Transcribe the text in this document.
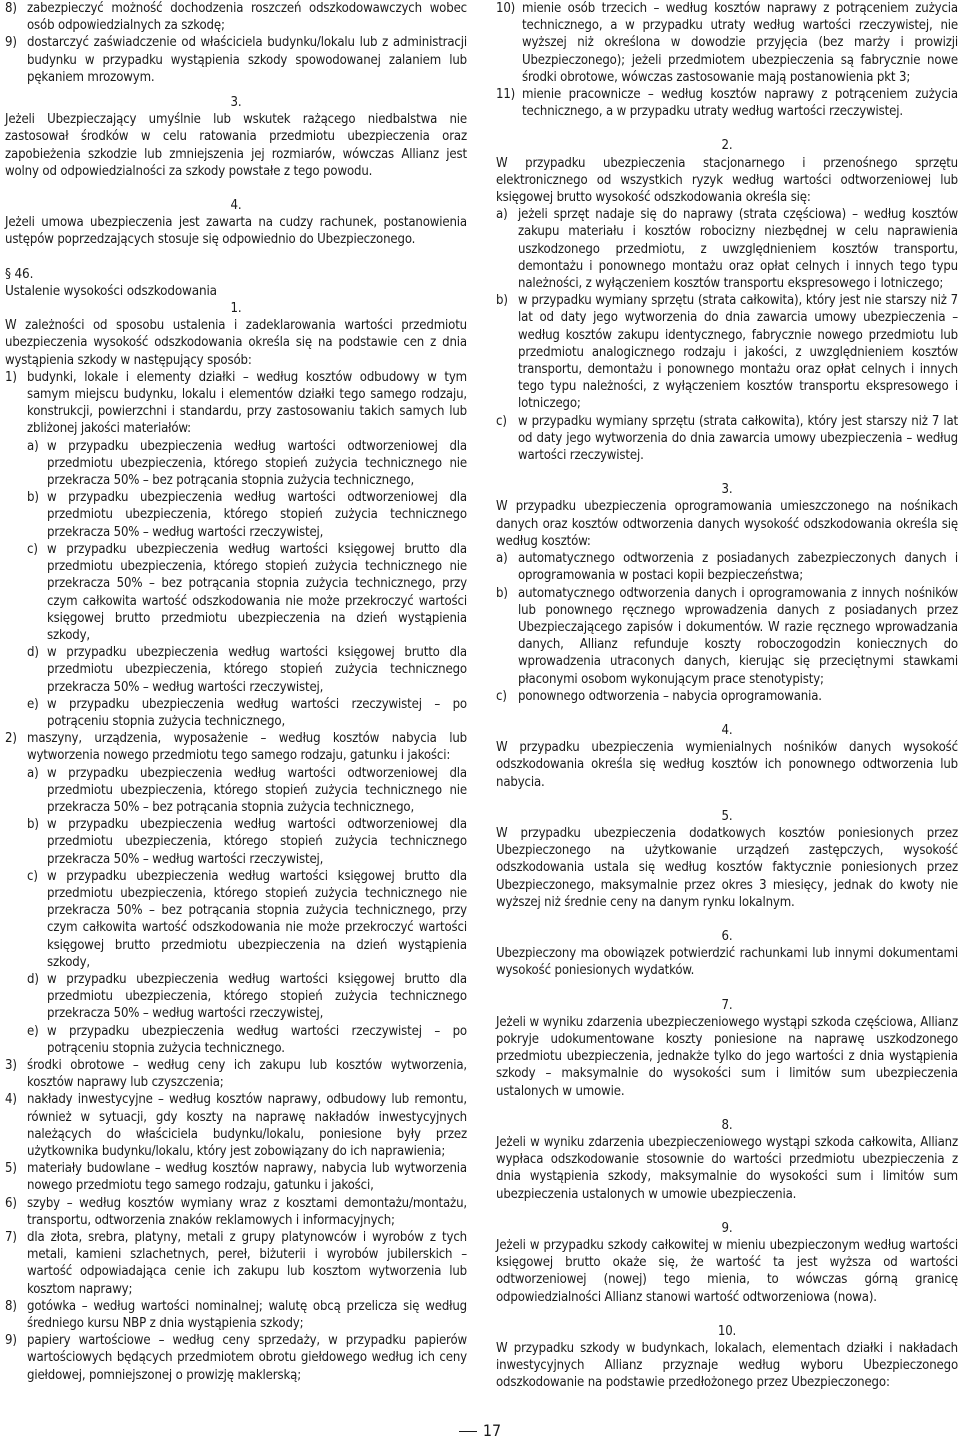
8) zabezpieczyć możność dochodzenia roszczeń odszkodowawczych wobec osób odpowiedzialnych za szkodę;
9) dostarczyć zaświadczenie od właściciela budynku/lokalu lub z administracji budynku w przypadku wystąpienia szkody spowodowanej zalaniem lub pękaniem mrozowym.

3.

Jeżeli Ubezpieczający umyślnie lub wskutek rażącego niedbalstwa nie zastosował środków w celu ratowania przedmiotu ubezpieczenia oraz zapobieżenia szkodzie lub zmniejszenia jej rozmiarów, wówczas Allianz jest wolny od odpowiedzialności za szkody powstałe z tego powodu.

4.

Jeżeli umowa ubezpieczenia jest zawarta na cudzy rachunek, postanowienia ustępów poprzedzających stosuje się odpowiednio do Ubezpieczonego.

§ 46.

Ustalenie wysokości odszkodowania

1.

W zależności od sposobu ustalenia i zadeklarowania wartości przedmiotu ubezpieczenia wysokość odszkodowania określa się na podstawie cen z dnia wystąpienia szkody w następujący sposób:

1) budynki, lokale i elementy działki – według kosztów odbudowy w tym samym miejscu budynku, lokalu i elementów działki tego samego rodzaju, konstrukcji, powierzchni i standardu, przy zastosowaniu takich samych lub zbliżonej jakości materiałów:
a) w przypadku ubezpieczenia według wartości odtworzeniowej dla przedmiotu ubezpieczenia, którego stopień zużycia technicznego nie przekracza 50% – bez potrącania stopnia zużycia technicznego,
b) w przypadku ubezpieczenia według wartości odtworzeniowej dla przedmiotu ubezpieczenia, którego stopień zużycia technicznego przekracza 50% – według wartości rzeczywistej,
c) w przypadku ubezpieczenia według wartości księgowej brutto dla przedmiotu ubezpieczenia, którego stopień zużycia technicznego nie przekracza 50% – bez potrącania stopnia zużycia technicznego, przy czym całkowita wartość odszkodowania nie może przekroczyć wartości księgowej brutto przedmiotu ubezpieczenia na dzień wystąpienia szkody,
d) w przypadku ubezpieczenia według wartości księgowej brutto dla przedmiotu ubezpieczenia, którego stopień zużycia technicznego przekracza 50% – według wartości rzeczywistej,
e) w przypadku ubezpieczenia według wartości rzeczywistej – po potrąceniu stopnia zużycia technicznego,
2) maszyny, urządzenia, wyposażenie – według kosztów nabycia lub wytworzenia nowego przedmiotu tego samego rodzaju, gatunku i jakości:
a) w przypadku ubezpieczenia według wartości odtworzeniowej dla przedmiotu ubezpieczenia, którego stopień zużycia technicznego nie przekracza 50% – bez potrącania stopnia zużycia technicznego,
b) w przypadku ubezpieczenia według wartości odtworzeniowej dla przedmiotu ubezpieczenia, którego stopień zużycia technicznego przekracza 50% – według wartości rzeczywistej,
c) w przypadku ubezpieczenia według wartości księgowej brutto dla przedmiotu ubezpieczenia, którego stopień zużycia technicznego nie przekracza 50% – bez potrącania stopnia zużycia technicznego, przy czym całkowita wartość odszkodowania nie może przekroczyć wartości księgowej brutto przedmiotu ubezpieczenia na dzień wystąpienia szkody,
d) w przypadku ubezpieczenia według wartości księgowej brutto dla przedmiotu ubezpieczenia, którego stopień zużycia technicznego przekracza 50% – według wartości rzeczywistej,
e) w przypadku ubezpieczenia według wartości rzeczywistej – po potrąceniu stopnia zużycia technicznego.
3) środki obrotowe – według ceny ich zakupu lub kosztów wytworzenia, kosztów naprawy lub czyszczenia;
4) nakłady inwestycyjne – według kosztów naprawy, odbudowy lub remontu, również w sytuacji, gdy koszty na naprawę nakładów inwestycyjnych należących do właściciela budynku/lokalu, poniesione były przez użytkownika budynku/lokalu, który jest zobowiązany do ich naprawienia;
5) materiały budowlane – według kosztów naprawy, nabycia lub wytworzenia nowego przedmiotu tego samego rodzaju, gatunku i jakości,
6) szyby – według kosztów wymiany wraz z kosztami demontażu/montażu, transportu, odtworzenia znaków reklamowych i informacyjnych;
7) dla złota, srebra, platyny, metali z grupy platynowców i wyrobów z tych metali, kamieni szlachetnych, pereł, biżuterii i wyrobów jubilerskich – wartość odpowiadająca cenie ich zakupu lub kosztom wytworzenia lub kosztom naprawy;
8) gotówka – według wartości nominalnej; walutę obcą przelicza się według średniego kursu NBP z dnia wystąpienia szkody;
9) papiery wartościowe – według ceny sprzedaży, w przypadku papierów wartościowych będących przedmiotem obrotu giełdowego według ich ceny giełdowej, pomniejszonej o prowizję maklerską;
10) mienie osób trzecich – według kosztów naprawy z potrąceniem zużycia technicznego, a w przypadku utraty według wartości rzeczywistej, nie wyższej niż określona w dowodzie przyjęcia (bez marży i prowizji Ubezpieczonego); jeżeli przedmiotem ubezpieczenia są fabrycznie nowe środki obrotowe, wówczas zastosowanie mają postanowienia pkt 3;
11) mienie pracownicze – według kosztów naprawy z potrąceniem zużycia technicznego, a w przypadku utraty według wartości rzeczywistej.

2.

W przypadku ubezpieczenia stacjonarnego i przenośnego sprzętu elektronicznego od wszystkich ryzyk według wartości odtworzeniowej lub księgowej brutto wysokość odszkodowania określa się:

a) jeżeli sprzęt nadaje się do naprawy (strata częściowa) – według kosztów zakupu materiału i kosztów robocizny niezbędnej w celu naprawienia uszkodzonego przedmiotu, z uwzględnieniem kosztów transportu, demontażu i ponownego montażu oraz opłat celnych i innych tego typu należności, z wyłączeniem kosztów transportu ekspresowego i lotniczego;
b) w przypadku wymiany sprzętu (strata całkowita), który jest nie starszy niż 7 lat od daty jego wytworzenia do dnia zawarcia umowy ubezpieczenia – według kosztów zakupu identycznego, fabrycznie nowego przedmiotu lub przedmiotu analogicznego rodzaju i jakości, z uwzględnieniem kosztów transportu, demontażu i ponownego montażu oraz opłat celnych i innych tego typu należności, z wyłączeniem kosztów transportu ekspresowego i lotniczego;
c) w przypadku wymiany sprzętu (strata całkowita), który jest starszy niż 7 lat od daty jego wytworzenia do dnia zawarcia umowy ubezpieczenia – według wartości rzeczywistej.

3.

W przypadku ubezpieczenia oprogramowania umieszczonego na nośnikach danych oraz kosztów odtworzenia danych wysokość odszkodowania określa się według kosztów:

a) automatycznego odtworzenia z posiadanych zabezpieczonych danych i oprogramowania w postaci kopii bezpieczeństwa;
b) automatycznego odtworzenia danych i oprogramowania z innych nośników lub ponownego ręcznego wprowadzenia danych z posiadanych przez Ubezpieczającego zapisów i dokumentów. W razie ręcznego wprowadzania danych, Allianz refunduje koszty roboczogodzin koniecznych do wprowadzenia utraconych danych, kierując się przeciętnymi stawkami płaconymi osobom wykonującym prace stenotypisty;
c) ponownego odtworzenia – nabycia oprogramowania.

4.

W przypadku ubezpieczenia wymienialnych nośników danych wysokość odszkodowania określa się według kosztów ich ponownego odtworzenia lub nabycia.

5.

W przypadku ubezpieczenia dodatkowych kosztów poniesionych przez Ubezpieczonego na użytkowanie urządzeń zastępczych, wysokość odszkodowania ustala się według kosztów faktycznie poniesionych przez Ubezpieczonego, maksymalnie przez okres 3 miesięcy, jednak do kwoty nie wyższej niż średnie ceny na danym rynku lokalnym.

6.

Ubezpieczony ma obowiązek potwierdzić rachunkami lub innymi dokumentami wysokość poniesionych wydatków.

7.

Jeżeli w wyniku zdarzenia ubezpieczeniowego wystąpi szkoda częściowa, Allianz pokryje udokumentowane koszty poniesione na naprawę uszkodzonego przedmiotu ubezpieczenia, jednakże tylko do jego wartości z dnia wystąpienia szkody – maksymalnie do wysokości sum i limitów sum ubezpieczenia ustalonych w umowie.

8.

Jeżeli w wyniku zdarzenia ubezpieczeniowego wystąpi szkoda całkowita, Allianz wypłaca odszkodowanie stosownie do wartości przedmiotu ubezpieczenia z dnia wystąpienia szkody, maksymalnie do wysokości sum i limitów sum ubezpieczenia ustalonych w umowie ubezpieczenia.

9.

Jeżeli w przypadku szkody całkowitej w mieniu ubezpieczonym według wartości księgowej brutto okaże się, że wartość ta jest wyższa od wartości odtworzeniowej (nowej) tego mienia, to wówczas górną granicę odpowiedzialności Allianz stanowi wartość odtworzeniowa (nowa).

10.

W przypadku szkody w budynkach, lokalach, elementach działki i nakładach inwestycyjnych Allianz przyznaje według wyboru Ubezpieczonego odszkodowanie na podstawie przedłożonego przez Ubezpieczonego:

17
